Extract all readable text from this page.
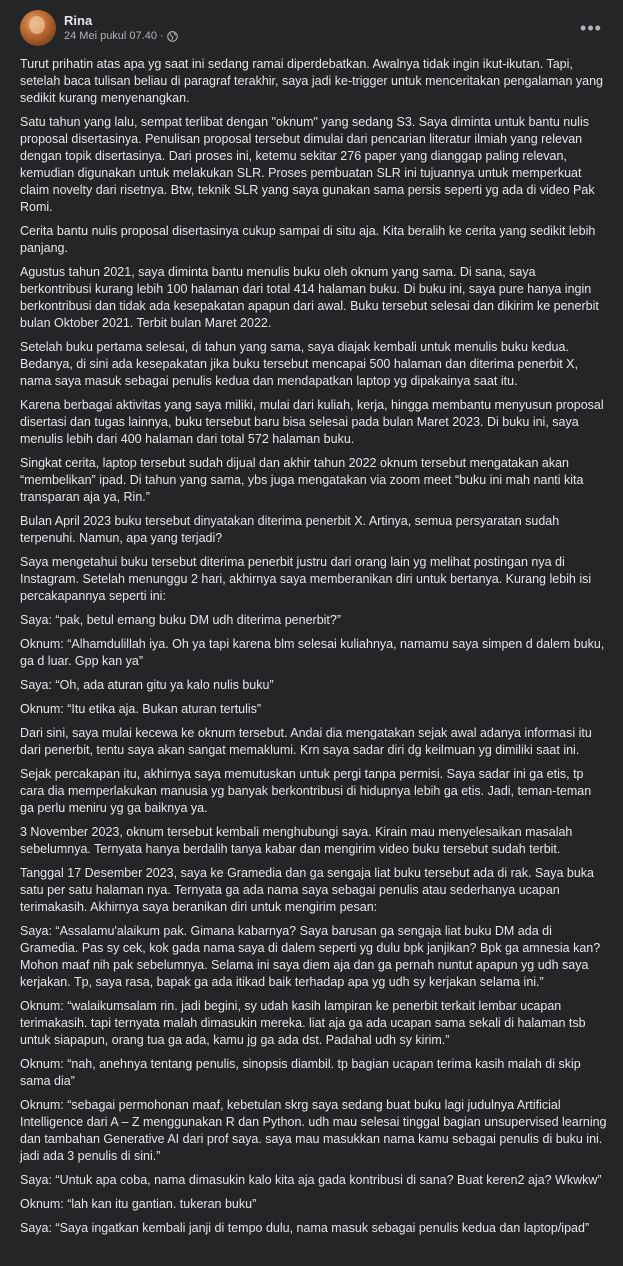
Rina
24 Mei pukul 07.40 ·	•••

Turut prihatin atas apa yg saat ini sedang ramai diperdebatkan. Awalnya tidak ingin ikut-ikutan. Tapi, setelah baca tulisan beliau di paragraf terakhir, saya jadi ke-trigger untuk menceritakan pengalaman yang sedikit kurang menyenangkan.

Satu tahun yang lalu, sempat terlibat dengan "oknum" yang sedang S3. Saya diminta untuk bantu nulis proposal disertasinya. Penulisan proposal tersebut dimulai dari pencarian literatur ilmiah yang relevan dengan topik disertasinya. Dari proses ini, ketemu sekitar 276 paper yang dianggap paling relevan, kemudian digunakan untuk melakukan SLR. Proses pembuatan SLR ini tujuannya untuk memperkuat claim novelty dari risetnya. Btw, teknik SLR yang saya gunakan sama persis seperti yg ada di video Pak Romi.

Cerita bantu nulis proposal disertasinya cukup sampai di situ aja. Kita beralih ke cerita yang sedikit lebih panjang.

Agustus tahun 2021, saya diminta bantu menulis buku oleh oknum yang sama. Di sana, saya berkontribusi kurang lebih 100 halaman dari total 414 halaman buku. Di buku ini, saya pure hanya ingin berkontribusi dan tidak ada kesepakatan apapun dari awal. Buku tersebut selesai dan dikirim ke penerbit bulan Oktober 2021. Terbit bulan Maret 2022.

Setelah buku pertama selesai, di tahun yang sama, saya diajak kembali untuk menulis buku kedua. Bedanya, di sini ada kesepakatan jika buku tersebut mencapai 500 halaman dan diterima penerbit X, nama saya masuk sebagai penulis kedua dan mendapatkan laptop yg dipakainya saat itu.

Karena berbagai aktivitas yang saya miliki, mulai dari kuliah, kerja, hingga membantu menyusun proposal disertasi dan tugas lainnya, buku tersebut baru bisa selesai pada bulan Maret 2023. Di buku ini, saya menulis lebih dari 400 halaman dari total 572 halaman buku.

Singkat cerita, laptop tersebut sudah dijual dan akhir tahun 2022 oknum tersebut mengatakan akan “membelikan” ipad. Di tahun yang sama, ybs juga mengatakan via zoom meet “buku ini mah nanti kita transparan aja ya, Rin.”

Bulan April 2023 buku tersebut dinyatakan diterima penerbit X. Artinya, semua persyaratan sudah terpenuhi. Namun, apa yang terjadi?

Saya mengetahui buku tersebut diterima penerbit justru dari orang lain yg melihat postingan nya di Instagram. Setelah menunggu 2 hari, akhirnya saya memberanikan diri untuk bertanya. Kurang lebih isi percakapannya seperti ini:

Saya: “pak, betul emang buku DM udh diterima penerbit?”

Oknum: “Alhamdulillah iya. Oh ya tapi karena blm selesai kuliahnya, namamu saya simpen d dalem buku, ga d luar. Gpp kan ya”

Saya: “Oh, ada aturan gitu ya kalo nulis buku”

Oknum: “Itu etika aja. Bukan aturan tertulis”

Dari sini, saya mulai kecewa ke oknum tersebut. Andai dia mengatakan sejak awal adanya informasi itu dari penerbit, tentu saya akan sangat memaklumi. Krn saya sadar diri dg keilmuan yg dimiliki saat ini.

Sejak percakapan itu, akhirnya saya memutuskan untuk pergi tanpa permisi. Saya sadar ini ga etis, tp cara dia memperlakukan manusia yg banyak berkontribusi di hidupnya lebih ga etis. Jadi, teman-teman ga perlu meniru yg ga baiknya ya.

3 November 2023, oknum tersebut kembali menghubungi saya. Kirain mau menyelesaikan masalah sebelumnya. Ternyata hanya berdalih tanya kabar dan mengirim video buku tersebut sudah terbit.

Tanggal 17 Desember 2023, saya ke Gramedia dan ga sengaja liat buku tersebut ada di rak. Saya buka satu per satu halaman nya. Ternyata ga ada nama saya sebagai penulis atau sederhanya ucapan terimakasih. Akhirnya saya beranikan diri untuk mengirim pesan:

Saya: “Assalamu'alaikum pak. Gimana kabarnya? Saya barusan ga sengaja liat buku DM ada di Gramedia. Pas sy cek, kok gada nama saya di dalem seperti yg dulu bpk janjikan? Bpk ga amnesia kan? Mohon maaf nih pak sebelumnya. Selama ini saya diem aja dan ga pernah nuntut apapun yg udh saya kerjakan. Tp, saya rasa, bapak ga ada itikad baik terhadap apa yg udh sy kerjakan selama ini.”

Oknum: “walaikumsalam rin. jadi begini, sy udah kasih lampiran ke penerbit terkait lembar ucapan terimakasih. tapi ternyata malah dimasukin mereka. liat aja ga ada ucapan sama sekali di halaman tsb untuk siapapun, orang tua ga ada, kamu jg ga ada dst. Padahal udh sy kirim.”

Oknum: “nah, anehnya tentang penulis, sinopsis diambil. tp bagian ucapan terima kasih malah di skip sama dia”

Oknum: “sebagai permohonan maaf, kebetulan skrg saya sedang buat buku lagi judulnya Artificial Intelligence dari A – Z menggunakan R dan Python. udh mau selesai tinggal bagian unsupervised learning dan tambahan Generative AI dari prof saya. saya mau masukkan nama kamu sebagai penulis di buku ini. jadi ada 3 penulis di sini.”

Saya: “Untuk apa coba, nama dimasukin kalo kita aja gada kontribusi di sana? Buat keren2 aja? Wkwkw”

Oknum: “lah kan itu gantian. tukeran buku”

Saya: “Saya ingatkan kembali janji di tempo dulu, nama masuk sebagai penulis kedua dan laptop/ipad”
